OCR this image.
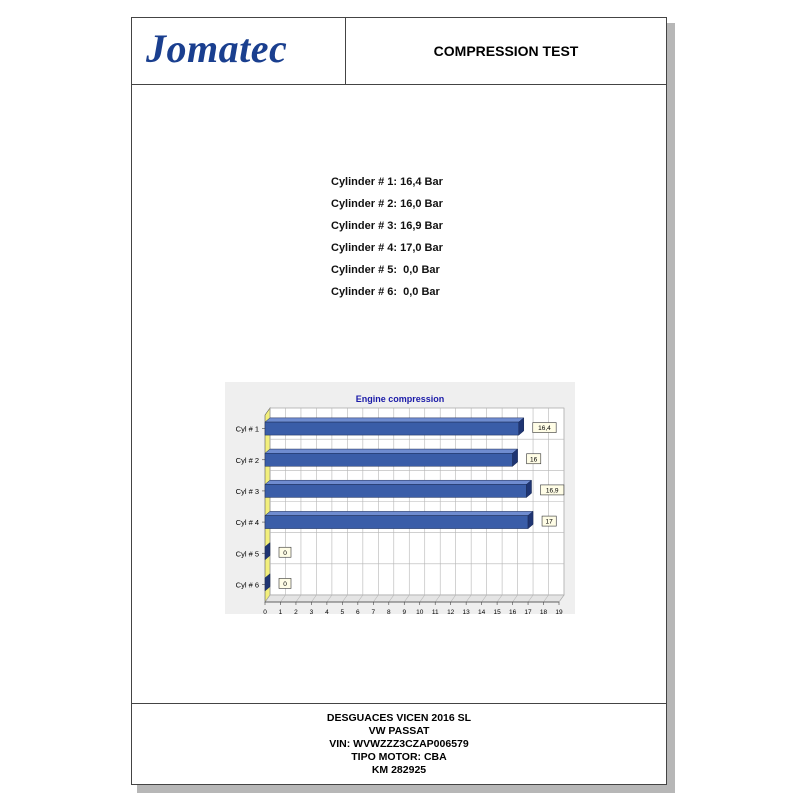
Jomatec	COMPRESSION TEST
Cylinder # 1: 16,4 Bar
Cylinder # 2: 16,0 Bar
Cylinder # 3: 16,9 Bar
Cylinder # 4: 17,0 Bar
Cylinder # 5:  0,0 Bar
Cylinder # 6:  0,0 Bar
Engine compression
0 1 2 3 4 5 6 7 8 9 10 11 12 13 14 15 16 17 18 19
Cyl # 1	16,4
Cyl # 2	16
Cyl # 3	16,9
Cyl # 4	17
Cyl # 5	0
Cyl # 6	0
DESGUACES VICEN 2016 SL
VW PASSAT
VIN: WVWZZZ3CZAP006579
TIPO MOTOR: CBA
KM 282925
